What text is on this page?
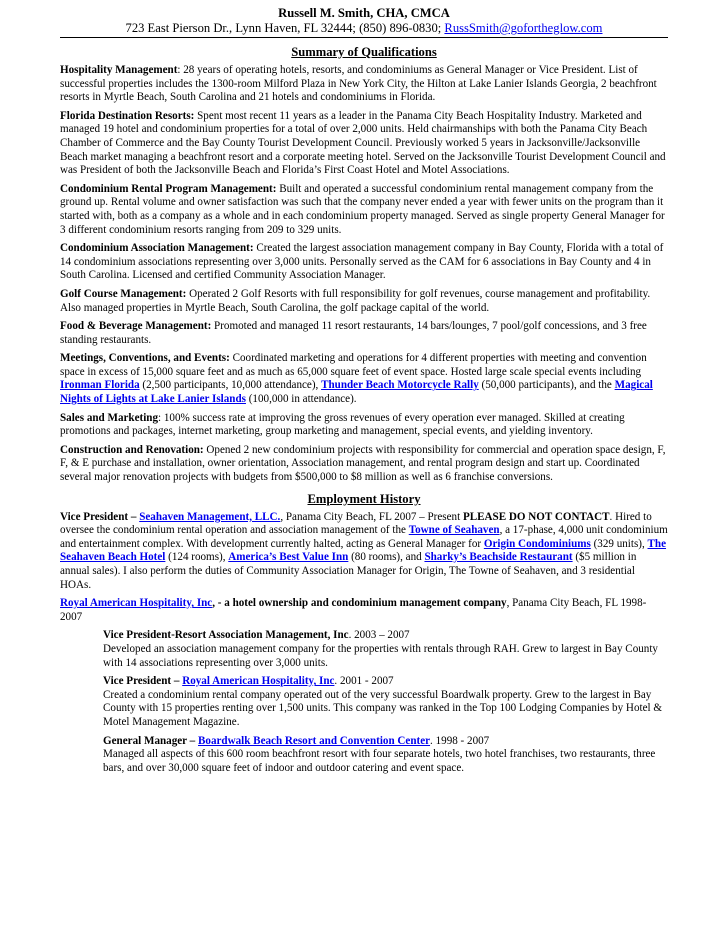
Russell M. Smith, CHA, CMCA
723 East Pierson Dr., Lynn Haven, FL 32444; (850) 896-0830; RussSmith@gofortheglow.com
Summary of Qualifications

Hospitality Management: 28 years of operating hotels, resorts, and condominiums as General Manager or Vice President. List of successful properties includes the 1300-room Milford Plaza in New York City, the Hilton at Lake Lanier Islands Georgia, 2 beachfront resorts in Myrtle Beach, South Carolina and 21 hotels and condominiums in Florida.

Florida Destination Resorts: Spent most recent 11 years as a leader in the Panama City Beach Hospitality Industry. Marketed and managed 19 hotel and condominium properties for a total of over 2,000 units. Held chairmanships with both the Panama City Beach Chamber of Commerce and the Bay County Tourist Development Council. Previously worked 5 years in Jacksonville/Jacksonville Beach market managing a beachfront resort and a corporate meeting hotel. Served on the Jacksonville Tourist Development Council and was President of both the Jacksonville Beach and Florida’s First Coast Hotel and Motel Associations.

Condominium Rental Program Management: Built and operated a successful condominium rental management company from the ground up. Rental volume and owner satisfaction was such that the company never ended a year with fewer units on the program than it started with, both as a company as a whole and in each condominium property managed. Served as single property General Manager for 3 different condominium resorts ranging from 209 to 329 units.

Condominium Association Management: Created the largest association management company in Bay County, Florida with a total of 14 condominium associations representing over 3,000 units. Personally served as the CAM for 6 associations in Bay County and 4 in South Carolina. Licensed and certified Community Association Manager.

Golf Course Management: Operated 2 Golf Resorts with full responsibility for golf revenues, course management and profitability. Also managed properties in Myrtle Beach, South Carolina, the golf package capital of the world.

Food & Beverage Management: Promoted and managed 11 resort restaurants, 14 bars/lounges, 7 pool/golf concessions, and 3 free standing restaurants.

Meetings, Conventions, and Events: Coordinated marketing and operations for 4 different properties with meeting and convention space in excess of 15,000 square feet and as much as 65,000 square feet of event space. Hosted large scale special events including Ironman Florida (2,500 participants, 10,000 attendance), Thunder Beach Motorcycle Rally (50,000 participants), and the Magical Nights of Lights at Lake Lanier Islands (100,000 in attendance).

Sales and Marketing: 100% success rate at improving the gross revenues of every operation ever managed. Skilled at creating promotions and packages, internet marketing, group marketing and management, special events, and yielding inventory.

Construction and Renovation: Opened 2 new condominium projects with responsibility for commercial and operation space design, F, F, & E purchase and installation, owner orientation, Association management, and rental program design and start up. Coordinated several major renovation projects with budgets from $500,000 to $8 million as well as 6 franchise conversions.

Employment History

Vice President – Seahaven Management, LLC., Panama City Beach, FL 2007 – Present PLEASE DO NOT CONTACT. Hired to oversee the condominium rental operation and association management of the Towne of Seahaven, a 17-phase, 4,000 unit condominium and entertainment complex. With development currently halted, acting as General Manager for Origin Condominiums (329 units), The Seahaven Beach Hotel (124 rooms), America’s Best Value Inn (80 rooms), and Sharky’s Beachside Restaurant ($5 million in annual sales). I also perform the duties of Community Association Manager for Origin, The Towne of Seahaven, and 3 residential HOAs.

Royal American Hospitality, Inc, - a hotel ownership and condominium management company, Panama City Beach, FL 1998-2007

Vice President-Resort Association Management, Inc. 2003 – 2007
Developed an association management company for the properties with rentals through RAH. Grew to largest in Bay County with 14 associations representing over 3,000 units.
Vice President – Royal American Hospitality, Inc. 2001 - 2007
Created a condominium rental company operated out of the very successful Boardwalk property. Grew to the largest in Bay County with 15 properties renting over 1,500 units. This company was ranked in the Top 100 Lodging Companies by Hotel & Motel Management Magazine.
General Manager – Boardwalk Beach Resort and Convention Center. 1998 - 2007
Managed all aspects of this 600 room beachfront resort with four separate hotels, two hotel franchises, two restaurants, three bars, and over 30,000 square feet of indoor and outdoor catering and event space.
